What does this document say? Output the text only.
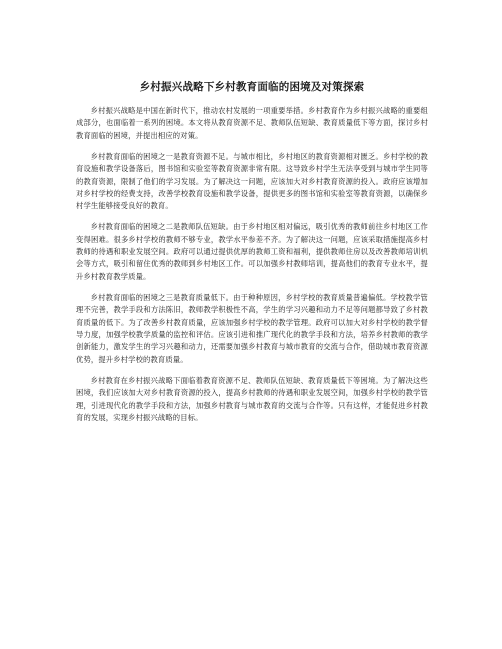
乡村振兴战略下乡村教育面临的困境及对策探索

乡村振兴战略是中国在新时代下，推动农村发展的一项重要举措。乡村教育作为乡村振兴战略的重要组成部分，也面临着一系列的困境。本文将从教育资源不足、教师队伍短缺、教育质量低下等方面，探讨乡村教育面临的困境，并提出相应的对策。

乡村教育面临的困境之一是教育资源不足。与城市相比，乡村地区的教育资源相对匮乏。乡村学校的教育设施和教学设备落后，图书馆和实验室等教育资源非常有限。这导致乡村学生无法享受到与城市学生同等的教育资源，限制了他们的学习发展。为了解决这一问题，应该加大对乡村教育资源的投入。政府应该增加对乡村学校的经费支持，改善学校教育设施和教学设备，提供更多的图书馆和实验室等教育资源，以确保乡村学生能够接受良好的教育。

乡村教育面临的困境之二是教师队伍短缺。由于乡村地区相对偏远，吸引优秀的教师前往乡村地区工作变得困难。很多乡村学校的教师不够专业，教学水平参差不齐。为了解决这一问题，应该采取措施提高乡村教师的待遇和职业发展空间。政府可以通过提供优厚的教师工资和福利，提供教师住房以及改善教师培训机会等方式，吸引和留住优秀的教师到乡村地区工作。可以加强乡村教师培训，提高他们的教育专业水平，提升乡村教育教学质量。

乡村教育面临的困境之三是教育质量低下。由于种种原因，乡村学校的教育质量普遍偏低。学校教学管理不完善，教学手段和方法陈旧，教师教学积极性不高，学生的学习兴趣和动力不足等问题都导致了乡村教育质量的低下。为了改善乡村教育质量，应该加强乡村学校的教学管理。政府可以加大对乡村学校的教学督导力度，加强学校教学质量的监控和评估。应该引进和推广现代化的教学手段和方法，培养乡村教师的教学创新能力，激发学生的学习兴趣和动力，还需要加强乡村教育与城市教育的交流与合作，借助城市教育资源优势，提升乡村学校的教育质量。

乡村教育在乡村振兴战略下面临着教育资源不足、教师队伍短缺、教育质量低下等困境。为了解决这些困境，我们应该加大对乡村教育资源的投入，提高乡村教师的待遇和职业发展空间，加强乡村学校的教学管理，引进现代化的教学手段和方法，加强乡村教育与城市教育的交流与合作等。只有这样，才能促进乡村教育的发展，实现乡村振兴战略的目标。
